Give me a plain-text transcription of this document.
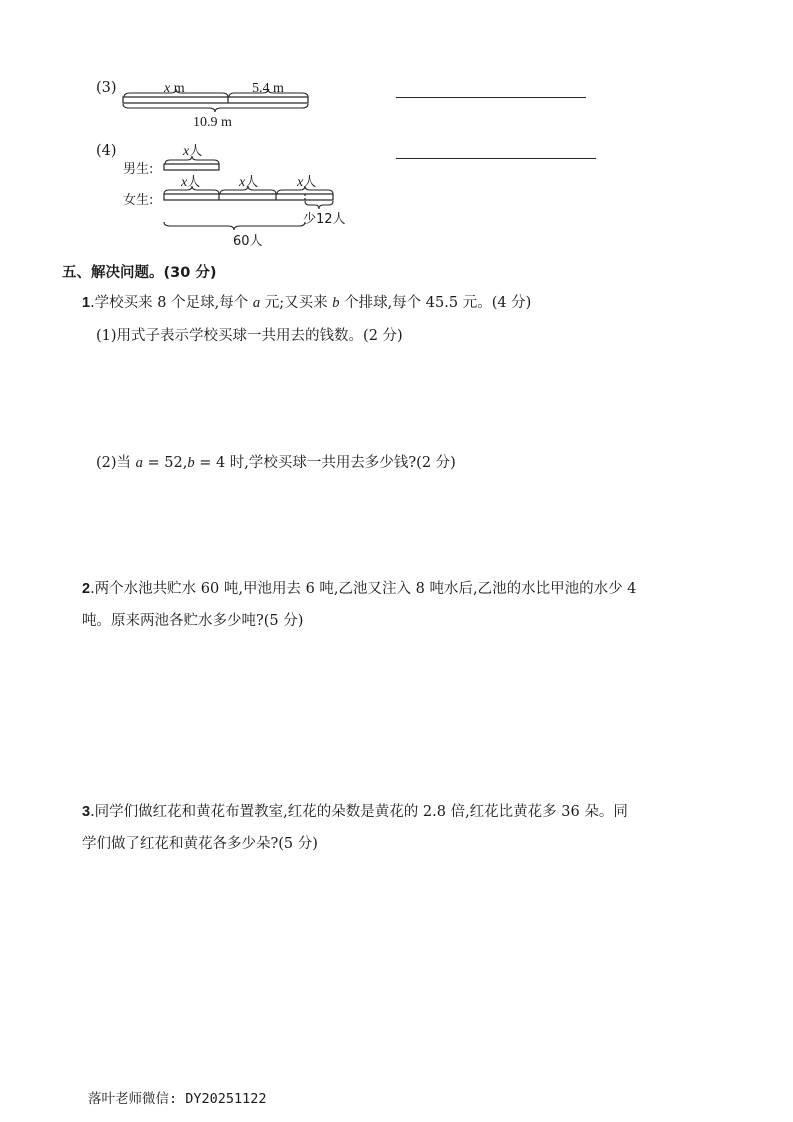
(3)	x m	5.4 m
10.9 m
x人
x人	x人	x人
少12人
60人
(4)
男生:
女生:
五、解决问题。(30 分)
1.学校买来 8 个足球,每个 a 元;又买来 b 个排球,每个 45.5 元。(4 分)
(1)用式子表示学校买球一共用去的钱数。(2 分)
(2)当 a = 52,b = 4 时,学校买球一共用去多少钱?(2 分)
2.两个水池共贮水 60 吨,甲池用去 6 吨,乙池又注入 8 吨水后,乙池的水比甲池的水少 4
吨。原来两池各贮水多少吨?(5 分)
3.同学们做红花和黄花布置教室,红花的朵数是黄花的 2.8 倍,红花比黄花多 36 朵。同
学们做了红花和黄花各多少朵?(5 分)
落叶老师微信: DY20251122
